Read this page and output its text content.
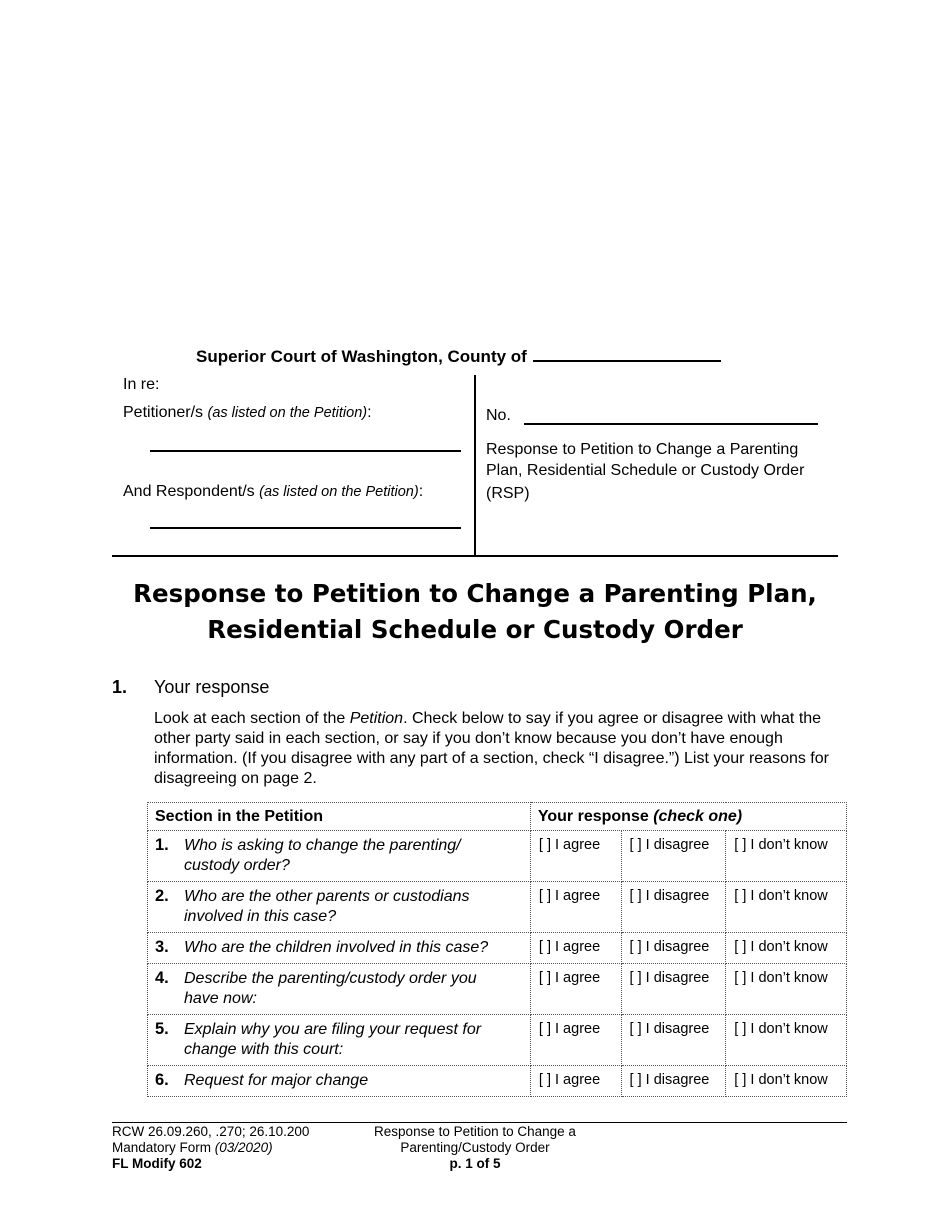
Superior Court of Washington, County of
In re:
Petitioner/s (as listed on the Petition):
And Respondent/s (as listed on the Petition):
No.
Response to Petition to Change a Parenting
Plan, Residential Schedule or Custody Order
(RSP)
Response to Petition to Change a Parenting Plan,
Residential Schedule or Custody Order
1. Your response
Look at each section of the Petition. Check below to say if you agree or disagree with what the other party said in each section, or say if you don’t know because you don’t have enough information. (If you disagree with any part of a section, check “I disagree.”) List your reasons for disagreeing on page 2.
Section in the Petition	Your response (check one)		

1. Who is asking to change the parenting/ custody order?	[ ] I agree	[ ] I disagree	[ ] I don’t know

2. Who are the other parents or custodians involved in this case?	[ ] I agree	[ ] I disagree	[ ] I don’t know

3. Who are the children involved in this case?	[ ] I agree	[ ] I disagree	[ ] I don’t know

4. Describe the parenting/custody order you have now:	[ ] I agree	[ ] I disagree	[ ] I don’t know

5. Explain why you are filing your request for change with this court:	[ ] I agree	[ ] I disagree	[ ] I don’t know

6. Request for major change	[ ] I agree	[ ] I disagree	[ ] I don’t know
RCW 26.09.260, .270; 26.10.200
Mandatory Form (03/2020)
FL Modify 602
Response to Petition to Change a
Parenting/Custody Order
p. 1 of 5
